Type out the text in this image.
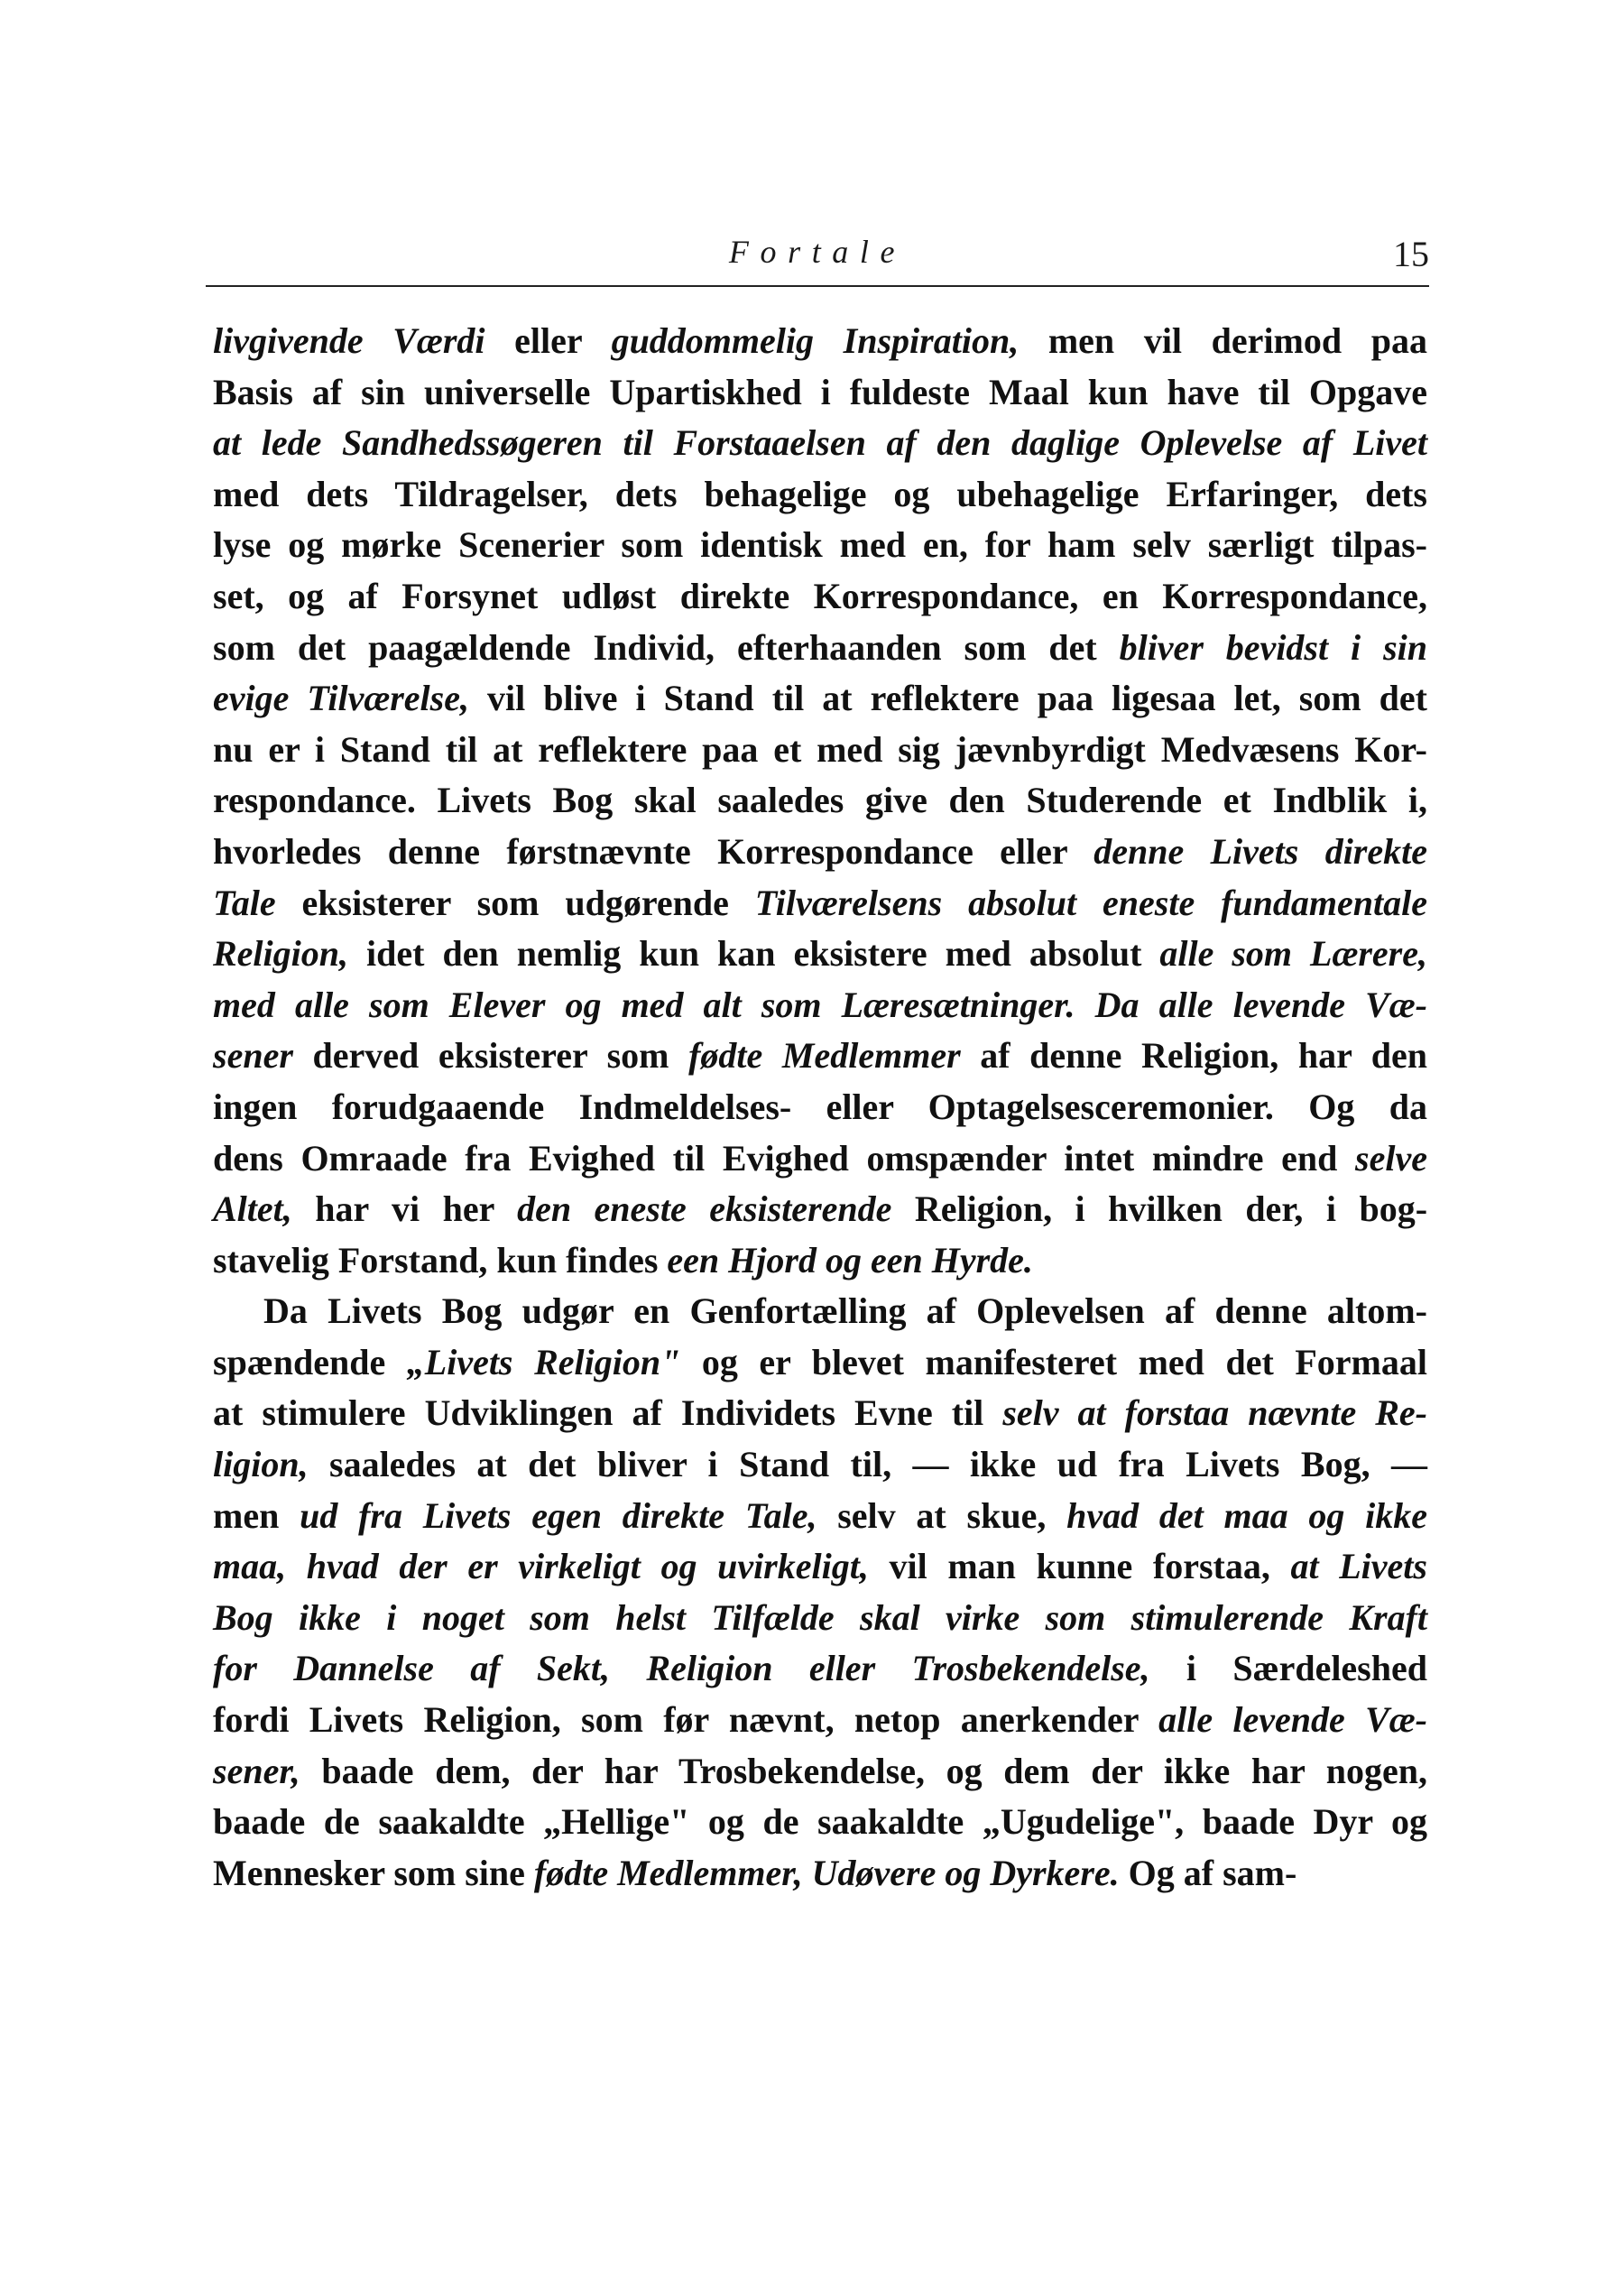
Fortale	15
livgivende Værdi eller guddommelig Inspiration, men vil derimod paa
Basis af sin universelle Upartiskhed i fuldeste Maal kun have til Opgave
at lede Sandhedssøgeren til Forstaaelsen af den daglige Oplevelse af Livet
med dets Tildragelser, dets behagelige og ubehagelige Erfaringer, dets
lyse og mørke Scenerier som identisk med en, for ham selv særligt tilpas-
set, og af Forsynet udløst direkte Korrespondance, en Korrespondance,
som det paagældende Individ, efterhaanden som det bliver bevidst i sin
evige Tilværelse, vil blive i Stand til at reflektere paa ligesaa let, som det
nu er i Stand til at reflektere paa et med sig jævnbyrdigt Medvæsens Kor-
respondance. Livets Bog skal saaledes give den Studerende et Indblik i,
hvorledes denne førstnævnte Korrespondance eller denne Livets direkte
Tale eksisterer som udgørende Tilværelsens absolut eneste fundamentale
Religion, idet den nemlig kun kan eksistere med absolut alle som Lærere,
med alle som Elever og med alt som Læresætninger. Da alle levende Væ-
sener derved eksisterer som fødte Medlemmer af denne Religion, har den
ingen forudgaaende Indmeldelses- eller Optagelsesceremonier. Og da
dens Omraade fra Evighed til Evighed omspænder intet mindre end selve
Altet, har vi her den eneste eksisterende Religion, i hvilken der, i bog-
stavelig Forstand, kun findes een Hjord og een Hyrde.
Da Livets Bog udgør en Genfortælling af Oplevelsen af denne altom-
spændende „Livets Religion" og er blevet manifesteret med det Formaal
at stimulere Udviklingen af Individets Evne til selv at forstaa nævnte Re-
ligion, saaledes at det bliver i Stand til, — ikke ud fra Livets Bog, —
men ud fra Livets egen direkte Tale, selv at skue, hvad det maa og ikke
maa, hvad der er virkeligt og uvirkeligt, vil man kunne forstaa, at Livets
Bog ikke i noget som helst Tilfælde skal virke som stimulerende Kraft
for Dannelse af Sekt, Religion eller Trosbekendelse, i Særdeleshed
fordi Livets Religion, som før nævnt, netop anerkender alle levende Væ-
sener, baade dem, der har Trosbekendelse, og dem der ikke har nogen,
baade de saakaldte „Hellige" og de saakaldte „Ugudelige", baade Dyr og
Mennesker som sine fødte Medlemmer, Udøvere og Dyrkere. Og af sam-
